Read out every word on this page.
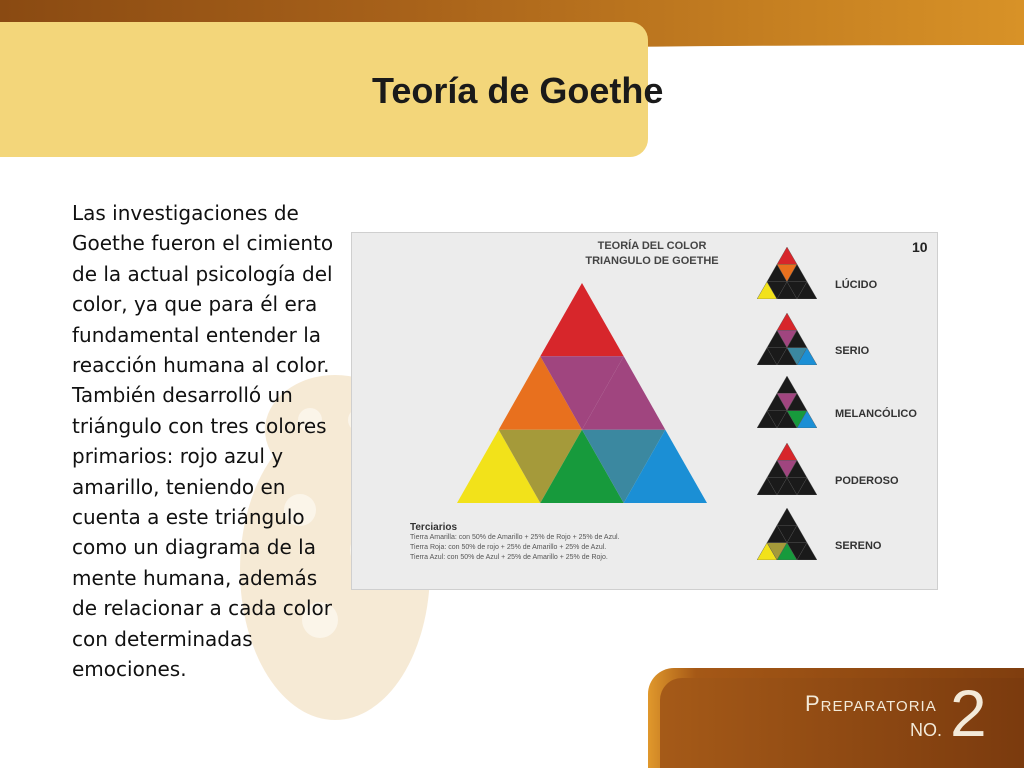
Teoría de Goethe

Las investigaciones de Goethe fueron el cimiento de la actual psicología del color, ya que para él era fundamental entender la reacción humana al color. También desarrolló un triángulo con tres colores primarios: rojo azul y amarillo, teniendo en cuenta a este triángulo como un diagrama de la mente humana, además de relacionar a cada color con determinadas emociones.

TEORÍA DEL COLOR
TRIANGULO DE GOETHE
10
LÚCIDO
SERIO
MELANCÓLICO
PODEROSO
SERENO
Terciarios
Tierra Amarilla: con 50% de Amarillo + 25% de Rojo + 25% de Azul.
Tierra Roja: con 50% de rojo + 25% de Amarillo + 25% de Azul.
Tierra Azul: con 50% de Azul + 25% de Amarillo + 25% de Rojo.
Preparatoria
NO. 2
